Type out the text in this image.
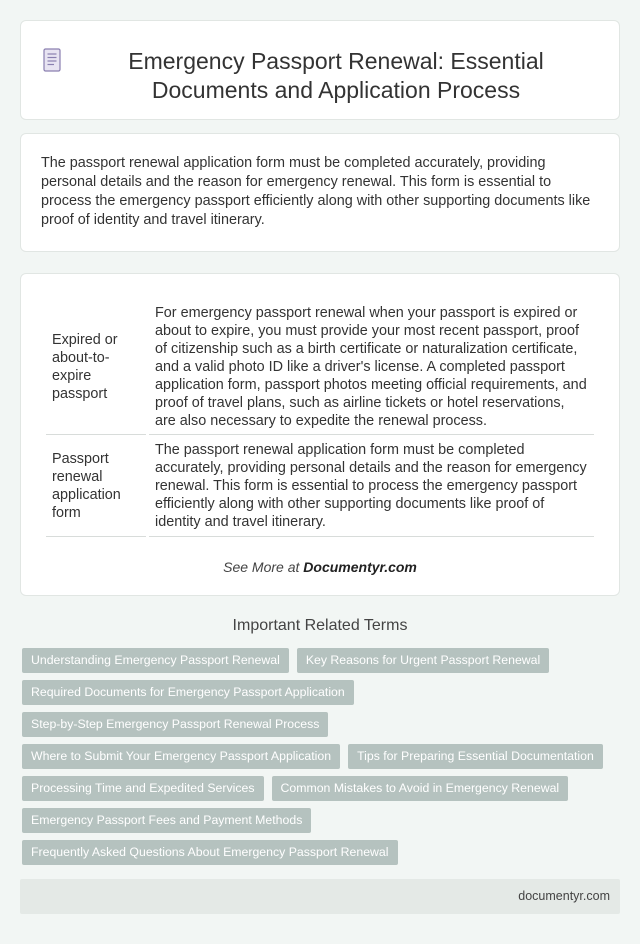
Emergency Passport Renewal: Essential Documents and Application Process

The passport renewal application form must be completed accurately, providing personal details and the reason for emergency renewal. This form is essential to process the emergency passport efficiently along with other supporting documents like proof of identity and travel itinerary.

Expired or about-to-expire passport	For emergency passport renewal when your passport is expired or about to expire, you must provide your most recent passport, proof of citizenship such as a birth certificate or naturalization certificate, and a valid photo ID like a driver's license. A completed passport application form, passport photos meeting official requirements, and proof of travel plans, such as airline tickets or hotel reservations, are also necessary to expedite the renewal process.
Passport renewal application form	The passport renewal application form must be completed accurately, providing personal details and the reason for emergency renewal. This form is essential to process the emergency passport efficiently along with other supporting documents like proof of identity and travel itinerary.
See More at Documentyr.com
Important Related Terms
Understanding Emergency Passport Renewal	Key Reasons for Urgent Passport Renewal
Required Documents for Emergency Passport Application
Step-by-Step Emergency Passport Renewal Process
Where to Submit Your Emergency Passport Application	Tips for Preparing Essential Documentation
Processing Time and Expedited Services	Common Mistakes to Avoid in Emergency Renewal
Emergency Passport Fees and Payment Methods
Frequently Asked Questions About Emergency Passport Renewal
documentyr.com
